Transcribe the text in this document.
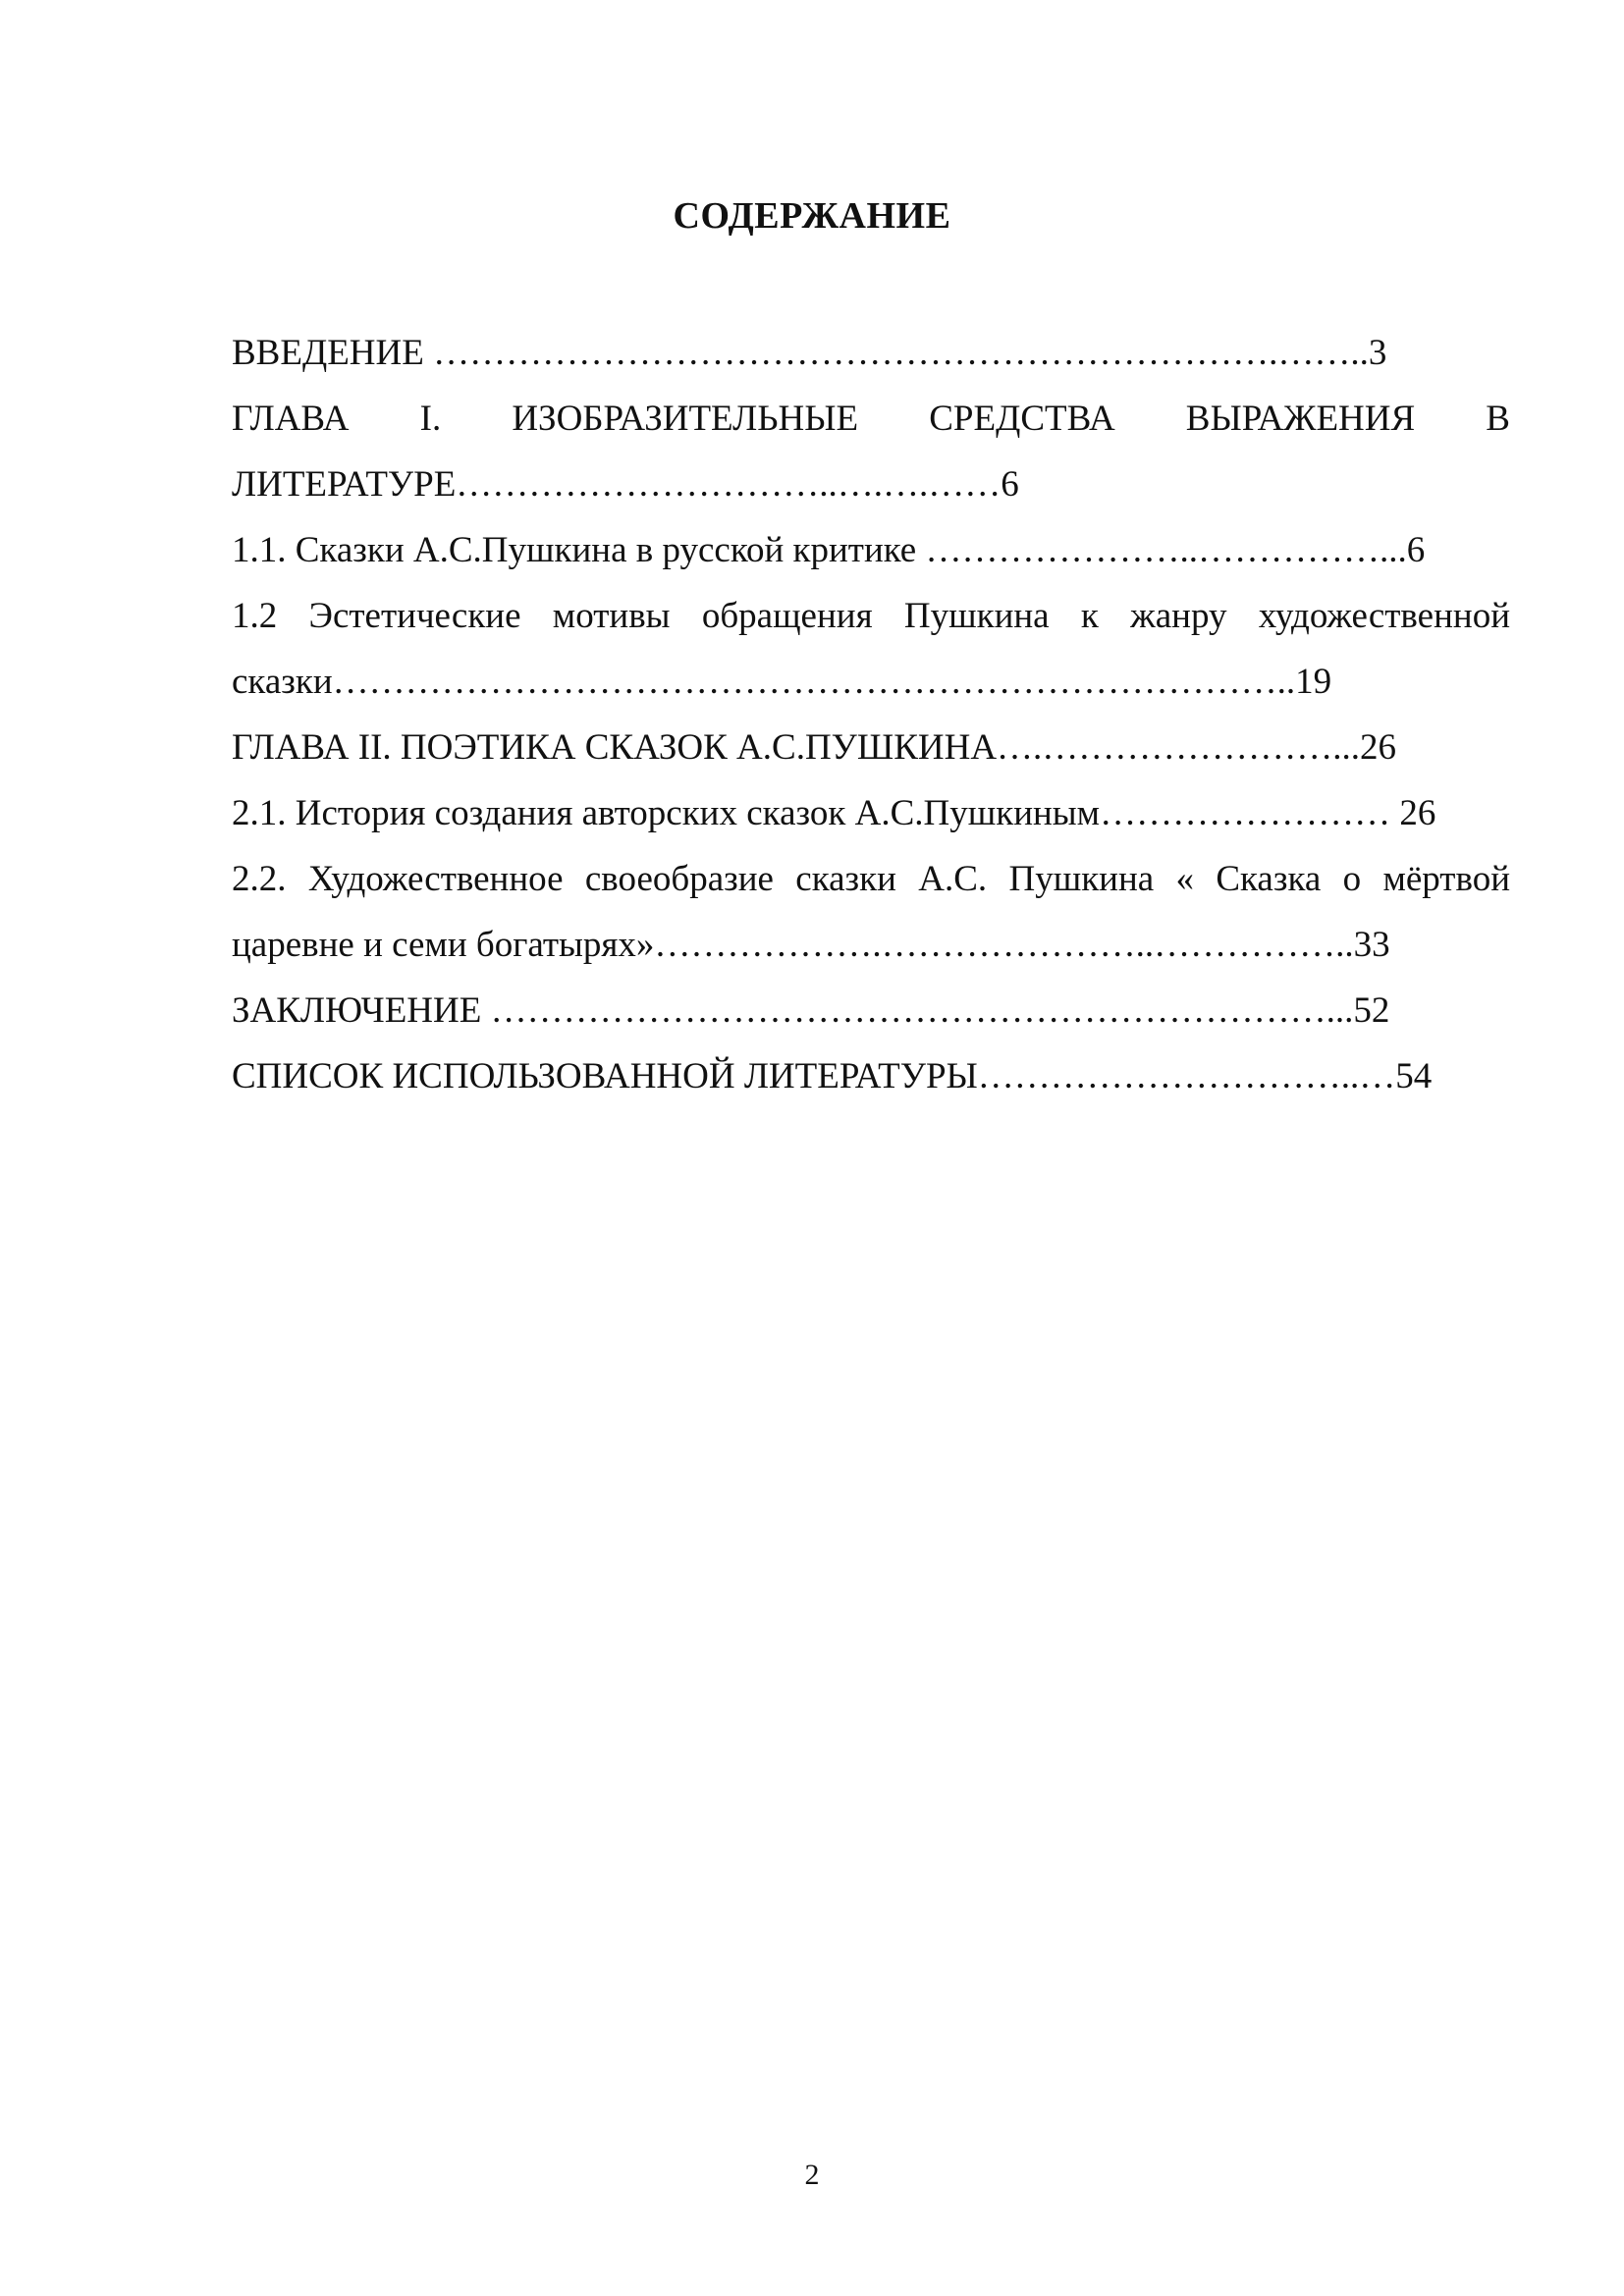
СОДЕРЖАНИЕ
ВВЕДЕНИЕ …………………………………………………………….……..3
ГЛАВА I. ИЗОБРАЗИТЕЛЬНЫЕ СРЕДСТВА ВЫРАЖЕНИЯ В
ЛИТЕРАТУРЕ…………………………..….….……6
1.1. Сказки А.С.Пушкина в русской критике …………………..……………...6
1.2 Эстетические мотивы обращения Пушкина к жанру художественной
сказки……………………………………………………………………..19
ГЛАВА II. ПОЭТИКА СКАЗОК А.С.ПУШКИНА….……………………...26
2.1. История создания авторских сказок А.С.Пушкиным…………………… 26
2.2. Художественное своеобразие сказки А.С. Пушкина « Сказка о мёртвой
царевне и семи богатырях»……………….…………………..……………..33
ЗАКЛЮЧЕНИЕ ……………………………………………………………...52
СПИСОК ИСПОЛЬЗОВАННОЙ ЛИТЕРАТУРЫ…………………………..…54
2
